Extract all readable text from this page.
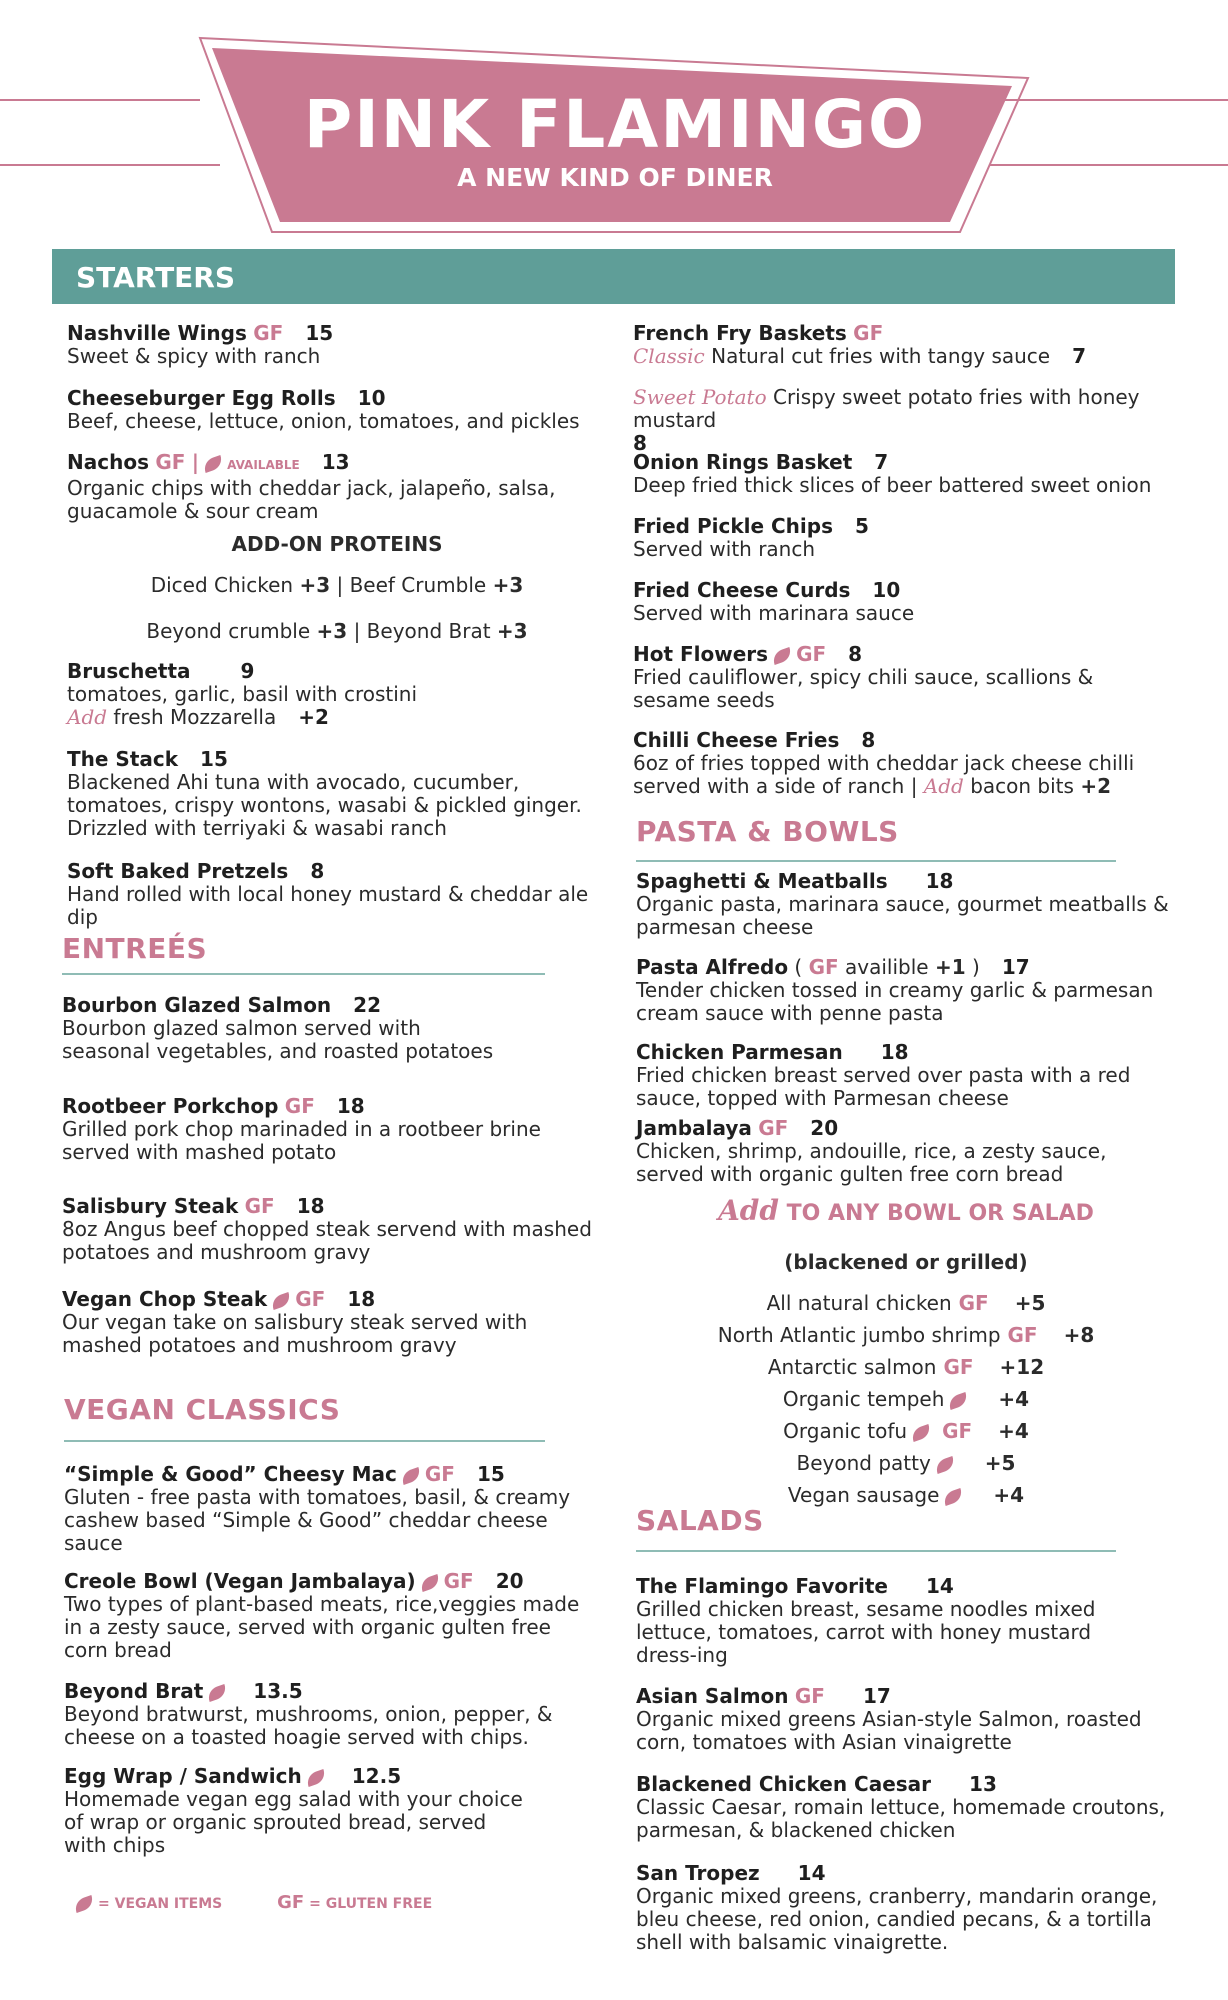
PINK FLAMINGO
A NEW KIND OF DINER
STARTERS
Nashville Wings GF 15
Sweet & spicy with ranch
Cheeseburger Egg Rolls 10
Beef, cheese, lettuce, onion, tomatoes, and pickles
Nachos GF | AVAILABLE 13
Organic chips with cheddar jack, jalapeño, salsa, guacamole & sour cream
ADD-ON PROTEINS
Diced Chicken +3 | Beef Crumble +3
Beyond crumble +3 | Beyond Brat +3
Bruschetta	9
tomatoes, garlic, basil with crostini
Add fresh Mozzarella +2
The Stack 15
Blackened Ahi tuna with avocado, cucumber, tomatoes, crispy wontons, wasabi & pickled ginger. Drizzled with terriyaki & wasabi ranch
Soft Baked Pretzels 8
Hand rolled with local honey mustard & cheddar ale dip
French Fry Baskets GF
Classic Natural cut fries with tangy sauce 7
Sweet Potato Crispy sweet potato fries with honey mustard
8
Onion Rings Basket 7
Deep fried thick slices of beer battered sweet onion
Fried Pickle Chips 5
Served with ranch
Fried Cheese Curds 10
Served with marinara sauce
Hot Flowers GF 8
Fried cauliflower, spicy chili sauce, scallions & sesame seeds
Chilli Cheese Fries 8
6oz of fries topped with cheddar jack cheese chilli
served with a side of ranch | Add bacon bits +2
ENTREÉS
Bourbon Glazed Salmon 22
Bourbon glazed salmon served with
seasonal vegetables, and roasted potatoes
Rootbeer Porkchop GF 18
Grilled pork chop marinaded in a rootbeer brine served with mashed potato
Salisbury Steak GF 18
8oz Angus beef chopped steak servend with mashed potatoes and mushroom gravy
Vegan Chop Steak GF 18
Our vegan take on salisbury steak served with mashed potatoes and mushroom gravy
VEGAN CLASSICS
“Simple & Good” Cheesy Mac GF 15
Gluten - free pasta with tomatoes, basil, & creamy cashew based “Simple & Good” cheddar cheese sauce
Creole Bowl (Vegan Jambalaya) GF 20
Two types of plant-based meats, rice,veggies made in a zesty sauce, served with organic gulten free corn bread
Beyond Brat	13.5
Beyond bratwurst, mushrooms, onion, pepper, & cheese on a toasted hoagie served with chips.
Egg Wrap / Sandwich	12.5
Homemade vegan egg salad with your choice
of wrap or organic sprouted bread, served
with chips
= VEGAN ITEMS	GF = GLUTEN FREE
PASTA & BOWLS
Spaghetti & Meatballs 18
Organic pasta, marinara sauce, gourmet meatballs & parmesan cheese
Pasta Alfredo ( GF availible +1 ) 17
Tender chicken tossed in creamy garlic & parmesan cream sauce with penne pasta
Chicken Parmesan 18
Fried chicken breast served over pasta with a red sauce, topped with Parmesan cheese
Jambalaya GF 20
Chicken, shrimp, andouille, rice, a zesty sauce, served with organic gulten free corn bread
Add TO ANY BOWL OR SALAD
(blackened or grilled)
All natural chicken GF +5
North Atlantic jumbo shrimp GF +8
Antarctic salmon GF +12
Organic tempeh	+4
Organic tofu GF +4
Beyond patty	+5
Vegan sausage	+4
SALADS
The Flamingo Favorite 14
Grilled chicken breast, sesame noodles mixed lettuce, tomatoes, carrot with honey mustard dress-ing
Asian Salmon GF 17
Organic mixed greens Asian-style Salmon, roasted corn, tomatoes with Asian vinaigrette
Blackened Chicken Caesar 13
Classic Caesar, romain lettuce, homemade croutons, parmesan, & blackened chicken
San Tropez 14
Organic mixed greens, cranberry, mandarin orange, bleu cheese, red onion, candied pecans, & a tortilla shell with balsamic vinaigrette.
